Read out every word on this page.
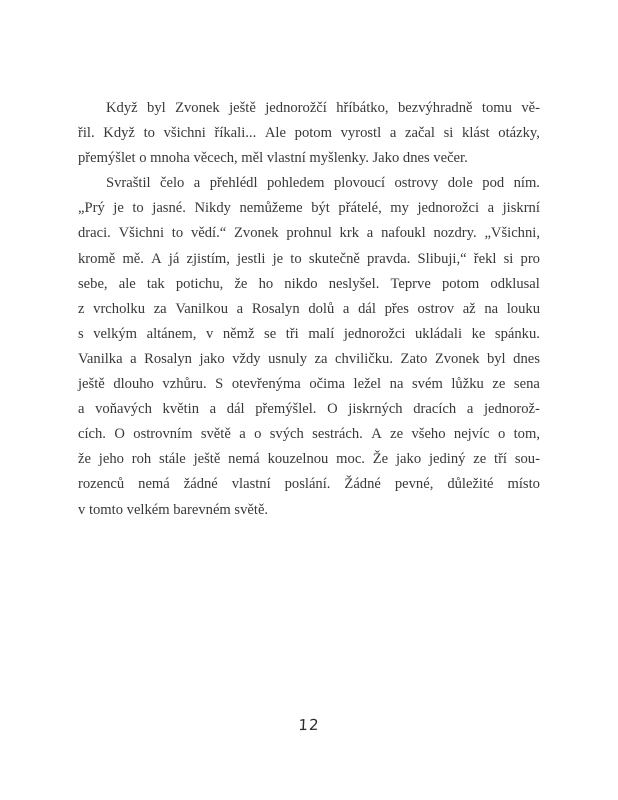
Když byl Zvonek ještě jednorožčí hříbátko, bezvýhradně tomu vě-
řil. Když to všichni říkali... Ale potom vyrostl a začal si klást otázky,
přemýšlet o mnoha věcech, měl vlastní myšlenky. Jako dnes večer.
Svraštil čelo a přehlédl pohledem plovoucí ostrovy dole pod ním.
„Prý je to jasné. Nikdy nemůžeme být přátelé, my jednorožci a jiskrní
draci. Všichni to vědí.“ Zvonek prohnul krk a nafoukl nozdry. „Všichni,
kromě mě. A já zjistím, jestli je to skutečně pravda. Slibuji,“ řekl si pro
sebe, ale tak potichu, že ho nikdo neslyšel. Teprve potom odklusal
z vrcholku za Vanilkou a Rosalyn dolů a dál přes ostrov až na louku
s velkým altánem, v němž se tři malí jednorožci ukládali ke spánku.
Vanilka a Rosalyn jako vždy usnuly za chviličku. Zato Zvonek byl dnes
ještě dlouho vzhůru. S otevřenýma očima ležel na svém lůžku ze sena
a voňavých květin a dál přemýšlel. O jiskrných dracích a jednorož-
cích. O ostrovním světě a o svých sestrách. A ze všeho nejvíc o tom,
že jeho roh stále ještě nemá kouzelnou moc. Že jako jediný ze tří sou-
rozenců nemá žádné vlastní poslání. Žádné pevné, důležité místo
v tomto velkém barevném světě.
12
